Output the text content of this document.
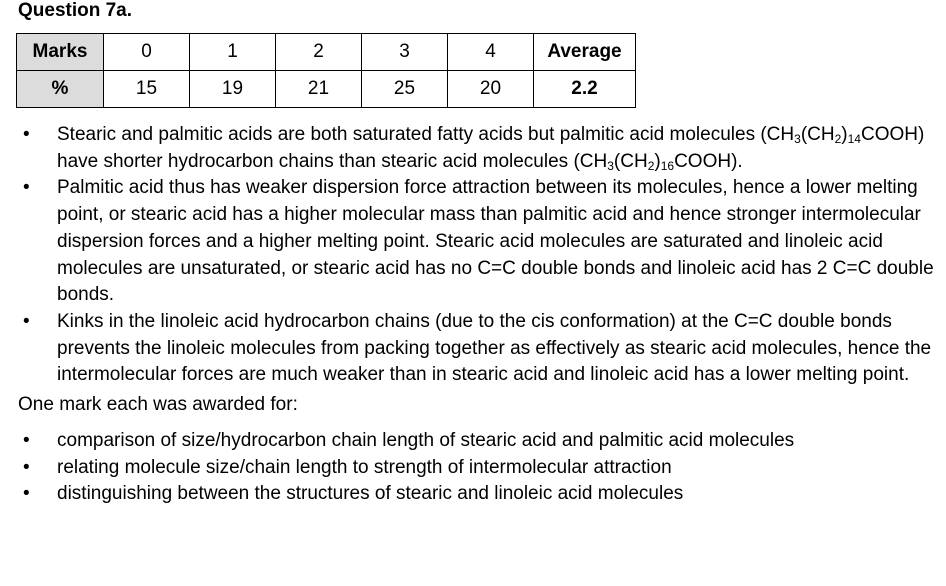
Question 7a.

Marks	0	1	2	3	4	Average
%	15	19	21	25	20	2.2
• Stearic and palmitic acids are both saturated fatty acids but palmitic acid molecules $(CH_3(CH_2)_{14}COOH)$ have shorter hydrocarbon chains than stearic acid molecules $(CH_3(CH_2)_{16}COOH)$.
• Palmitic acid thus has weaker dispersion force attraction between its molecules, hence a lower melting point, or stearic acid has a higher molecular mass than palmitic acid and hence stronger intermolecular dispersion forces and a higher melting point. Stearic acid molecules are saturated and linoleic acid molecules are unsaturated, or stearic acid has no C=C double bonds and linoleic acid has 2 C=C double bonds.
• Kinks in the linoleic acid hydrocarbon chains (due to the cis conformation) at the C=C double bonds prevents the linoleic molecules from packing together as effectively as stearic acid molecules, hence the intermolecular forces are much weaker than in stearic acid and linoleic acid has a lower melting point.

One mark each was awarded for:

• comparison of size/hydrocarbon chain length of stearic acid and palmitic acid molecules
• relating molecule size/chain length to strength of intermolecular attraction
• distinguishing between the structures of stearic and linoleic acid molecules
